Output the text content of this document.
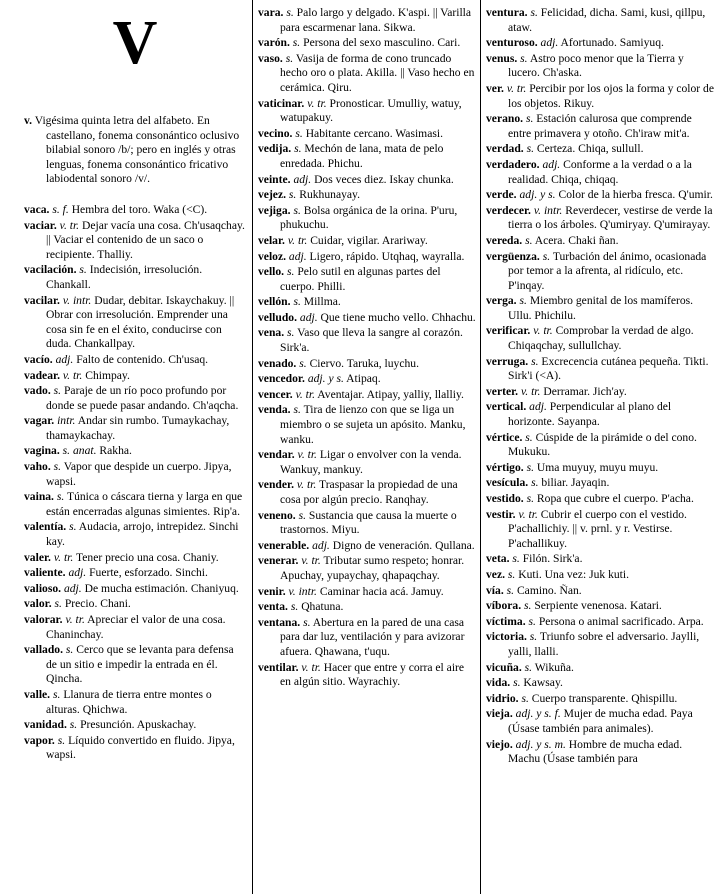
V

v. Vigésima quinta letra del alfabeto. En castellano, fonema consonántico oclusivo bilabial sonoro /b/; pero en inglés y otras lenguas, fonema consonántico fricativo labiodental sonoro /v/.

vaca. s. f. Hembra del toro. Waka (<C).

vaciar. v. tr. Dejar vacía una cosa. Ch'usaqchay. || Vaciar el contenido de un saco o recipiente. Thalliy.

vacilación. s. Indecisión, irresolución. Chankall.

vacilar. v. intr. Dudar, debitar. Iskaychakuy. || Obrar con irresolución. Emprender una cosa sin fe en el éxito, conducirse con duda. Chankallpay.

vacío. adj. Falto de contenido. Ch'usaq.

vadear. v. tr. Chimpay.

vado. s. Paraje de un río poco profundo por donde se puede pasar andando. Ch'aqcha.

vagar. intr. Andar sin rumbo. Tumaykachay, thamaykachay.

vagina. s. anat. Rakha.

vaho. s. Vapor que despide un cuerpo. Jipya, wapsi.

vaina. s. Túnica o cáscara tierna y larga en que están encerradas algunas simientes. Rip'a.

valentía. s. Audacia, arrojo, intrepidez. Sinchi kay.

valer. v. tr. Tener precio una cosa. Chaniy.

valiente. adj. Fuerte, esforzado. Sinchi.

valioso. adj. De mucha estimación. Chaniyuq.

valor. s. Precio. Chani.

valorar. v. tr. Apreciar el valor de una cosa. Chaninchay.

vallado. s. Cerco que se levanta para defensa de un sitio e impedir la entrada en él. Qincha.

valle. s. Llanura de tierra entre montes o alturas. Qhichwa.

vanidad. s. Presunción. Apuskachay.

vapor. s. Líquido convertido en fluido. Jipya, wapsi.

vara. s. Palo largo y delgado. K'aspi. || Varilla para escarmenar lana. Sikwa.

varón. s. Persona del sexo masculino. Cari.

vaso. s. Vasija de forma de cono truncado hecho oro o plata. Akilla. || Vaso hecho en cerámica. Qiru.

vaticinar. v. tr. Pronosticar. Umulliy, watuy, watupakuy.

vecino. s. Habitante cercano. Wasimasi.

vedija. s. Mechón de lana, mata de pelo enredada. Phichu.

veinte. adj. Dos veces diez. Iskay chunka.

vejez. s. Rukhunayay.

vejiga. s. Bolsa orgánica de la orina. P'uru, phukuchu.

velar. v. tr. Cuidar, vigilar. Arariway.

veloz. adj. Ligero, rápido. Utqhaq, wayralla.

vello. s. Pelo sutil en algunas partes del cuerpo. Philli.

vellón. s. Millma.

velludo. adj. Que tiene mucho vello. Chhachu.

vena. s. Vaso que lleva la sangre al corazón. Sirk'a.

venado. s. Ciervo. Taruka, luychu.

vencedor. adj. y s. Atipaq.

vencer. v. tr. Aventajar. Atipay, yalliy, llalliy.

venda. s. Tira de lienzo con que se liga un miembro o se sujeta un apósito. Manku, wanku.

vendar. v. tr. Ligar o envolver con la venda. Wankuy, mankuy.

vender. v. tr. Traspasar la propiedad de una cosa por algún precio. Ranqhay.

veneno. s. Sustancia que causa la muerte o trastornos. Miyu.

venerable. adj. Digno de veneración. Qullana.

venerar. v. tr. Tributar sumo respeto; honrar. Apuchay, yupaychay, qhapaqchay.

venir. v. intr. Caminar hacia acá. Jamuy.

venta. s. Qhatuna.

ventana. s. Abertura en la pared de una casa para dar luz, ventilación y para avizorar afuera. Qhawana, t'uqu.

ventilar. v. tr. Hacer que entre y corra el aire en algún sitio. Wayrachiy.

ventura. s. Felicidad, dicha. Sami, kusi, qillpu, ataw.

venturoso. adj. Afortunado. Samiyuq.

venus. s. Astro poco menor que la Tierra y lucero. Ch'aska.

ver. v. tr. Percibir por los ojos la forma y color de los objetos. Rikuy.

verano. s. Estación calurosa que comprende entre primavera y otoño. Ch'iraw mit'a.

verdad. s. Certeza. Chiqa, sullull.

verdadero. adj. Conforme a la verdad o a la realidad. Chiqa, chiqaq.

verde. adj. y s. Color de la hierba fresca. Q'umir.

verdecer. v. intr. Reverdecer, vestirse de verde la tierra o los árboles. Q'umiryay. Q'umirayay.

vereda. s. Acera. Chaki ñan.

vergüenza. s. Turbación del ánimo, ocasionada por temor a la afrenta, al ridículo, etc. P'inqay.

verga. s. Miembro genital de los mamíferos. Ullu. Phichilu.

verificar. v. tr. Comprobar la verdad de algo. Chiqaqchay, sullullchay.

verruga. s. Excrecencia cutánea pequeña. Tikti. Sirk'i (<A).

verter. v. tr. Derramar. Jich'ay.

vertical. adj. Perpendicular al plano del horizonte. Sayanpa.

vértice. s. Cúspide de la pirámide o del cono. Mukuku.

vértigo. s. Uma muyuy, muyu muyu.

vesícula. s. biliar. Jayaqin.

vestido. s. Ropa que cubre el cuerpo. P'acha.

vestir. v. tr. Cubrir el cuerpo con el vestido. P'achallichiy. || v. prnl. y r. Vestirse. P'achallikuy.

veta. s. Filón. Sirk'a.

vez. s. Kuti. Una vez: Juk kuti.

vía. s. Camino. Ñan.

víbora. s. Serpiente venenosa. Katari.

víctima. s. Persona o animal sacrificado. Arpa.

victoria. s. Triunfo sobre el adversario. Jaylli, yalli, llalli.

vicuña. s. Wikuña.

vida. s. Kawsay.

vidrio. s. Cuerpo transparente. Qhispillu.

vieja. adj. y s. f. Mujer de mucha edad. Paya (Úsase también para animales).

viejo. adj. y s. m. Hombre de mucha edad. Machu (Úsase también para
